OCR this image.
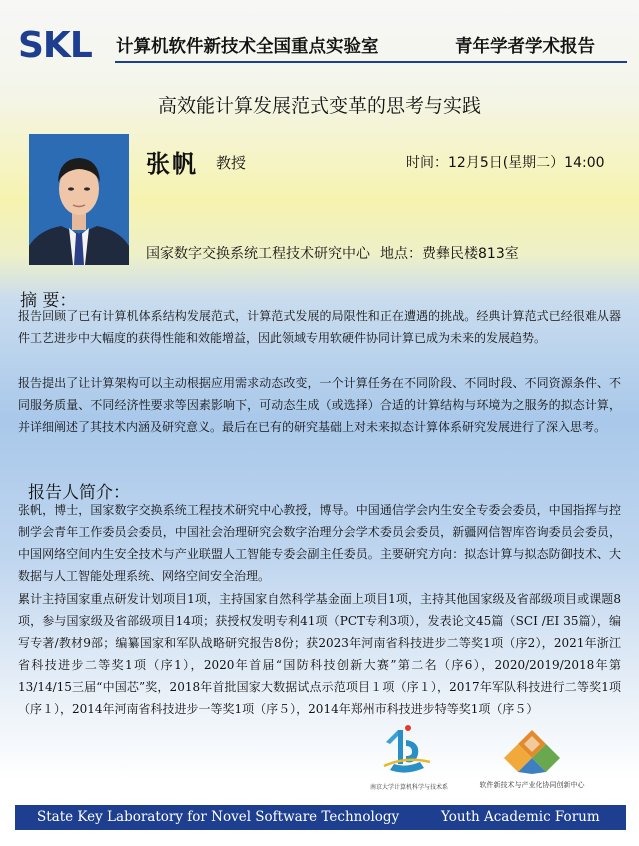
SKL	计算机软件新技术全国重点实验室	青年学者学术报告
高效能计算发展范式变革的思考与实践
张帆 教授	时间：12月5日(星期二）14:00
国家数字交换系统工程技术研究中心 地点：费彝民楼813室
摘 要：
报告回顾了已有计算机体系结构发展范式，计算范式发展的局限性和正在遭遇的挑战。经典计算范式已经很难从器件工艺进步中大幅度的获得性能和效能增益，因此领域专用软硬件协同计算已成为未来的发展趋势。
报告提出了让计算架构可以主动根据应用需求动态改变，一个计算任务在不同阶段、不同时段、不同资源条件、不同服务质量、不同经济性要求等因素影响下，可动态生成（或选择）合适的计算结构与环境为之服务的拟态计算，并详细阐述了其技术内涵及研究意义。最后在已有的研究基础上对未来拟态计算体系研究发展进行了深入思考。
报告人简介：
张帆，博士，国家数字交换系统工程技术研究中心教授，博导。中国通信学会内生安全专委会委员，中国指挥与控制学会青年工作委员会委员，中国社会治理研究会数字治理分会学术委员会委员，新疆网信智库咨询委员会委员，中国网络空间内生安全技术与产业联盟人工智能专委会副主任委员。主要研究方向：拟态计算与拟态防御技术、大数据与人工智能处理系统、网络空间安全治理。
累计主持国家重点研发计划项目1项，主持国家自然科学基金面上项目1项，主持其他国家级及省部级项目或课题8项，参与国家级及省部级项目14项；获授权发明专利41项（PCT专利3项），发表论文45篇（SCI /EI 35篇），编写专著/教材9部；编纂国家和军队战略研究报告8份；获2023年河南省科技进步二等奖1项（序2），2021年浙江省科技进步二等奖1项（序1），2020年首届“国防科技创新大赛”第二名（序6），2020/2019/2018年第13/14/15三届“中国芯”奖，2018年首批国家大数据试点示范项目１项（序１），2017年军队科技进行二等奖1项（序１），2014年河南省科技进步一等奖1项（序５），2014年郑州市科技进步特等奖1项（序５）
南京大学计算机科学与技术系	软件新技术与产业化协同创新中心
State Key Laboratory for Novel Software Technology	Youth Academic Forum
